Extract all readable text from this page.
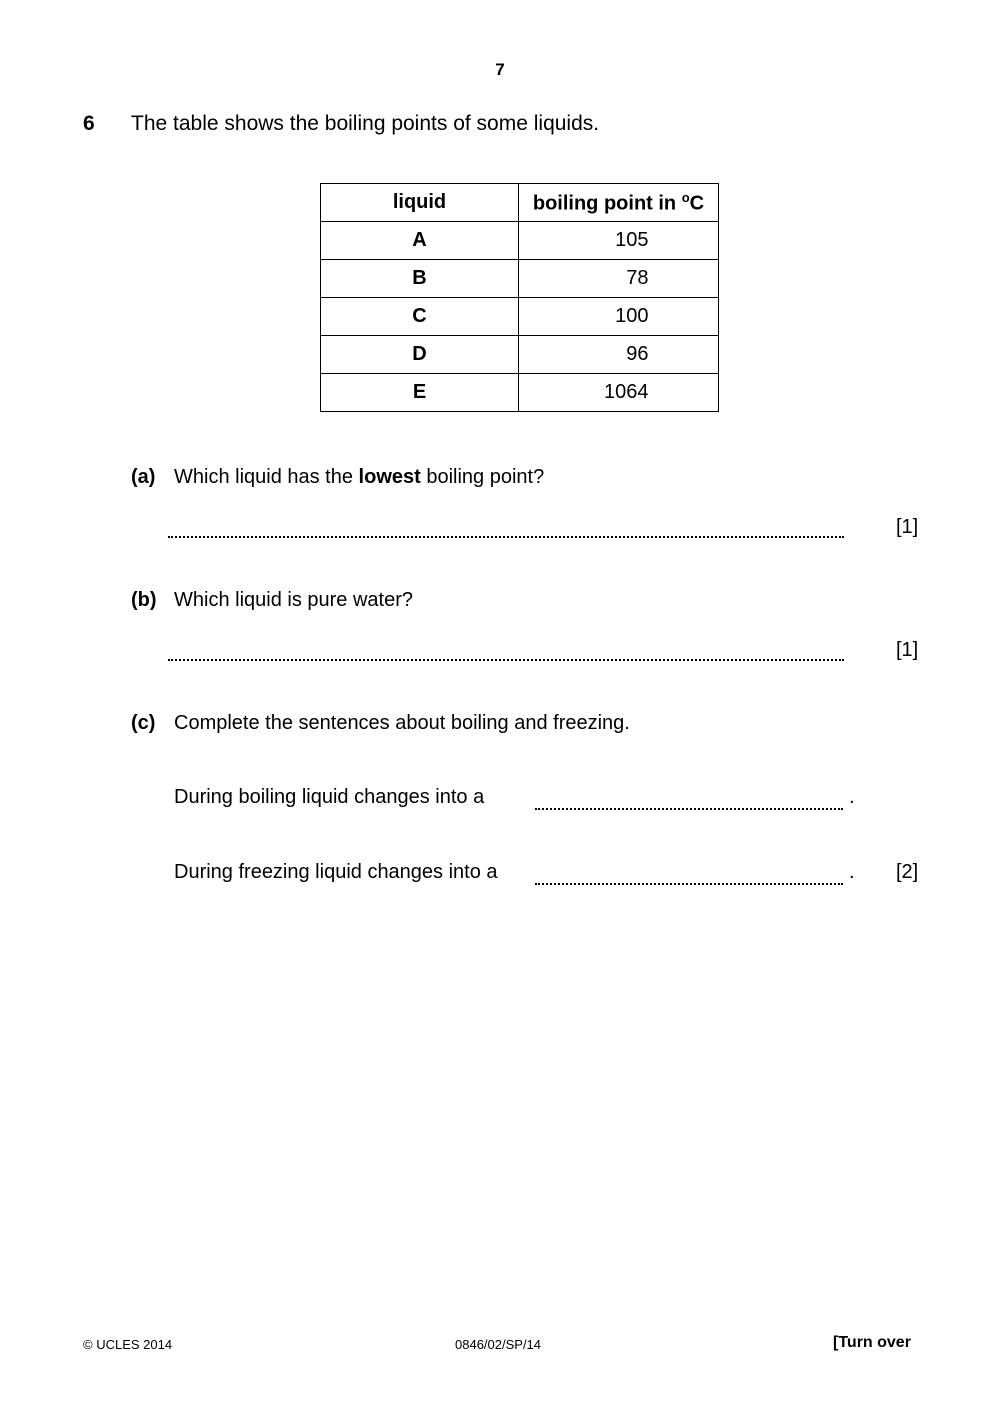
7
6 The table shows the boiling points of some liquids.
liquid	boiling point in $^o$C
A	105
B	78
C	100
D	96
E	1064
(a) Which liquid has the lowest boiling point?
[1]
(b) Which liquid is pure water?
[1]
(c) Complete the sentences about boiling and freezing.
During boiling liquid changes into a	.
During freezing liquid changes into a	. [2]
© UCLES 2014	0846/02/SP/14	[Turn over
